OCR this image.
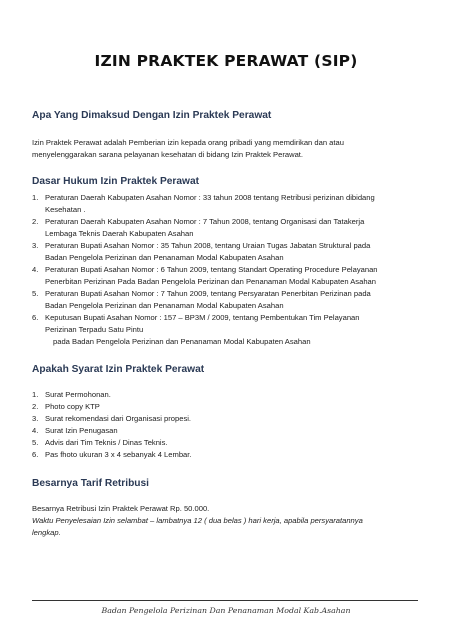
IZIN PRAKTEK PERAWAT (SIP)
Apa Yang Dimaksud Dengan Izin Praktek Perawat
Izin Praktek Perawat adalah Pemberian izin kepada orang pribadi yang memdirikan dan atau
menyelenggarakan sarana pelayanan kesehatan di bidang Izin Praktek Perawat.
Dasar Hukum Izin Praktek Perawat
1. Peraturan Daerah Kabupaten Asahan Nomor : 33 tahun 2008 tentang Retribusi perizinan dibidang
Kesehatan .
2. Peraturan Daerah Kabupaten Asahan Nomor : 7 Tahun 2008, tentang Organisasi dan Tatakerja
Lembaga Teknis Daerah Kabupaten Asahan
3. Peraturan Bupati Asahan Nomor : 35 Tahun 2008, tentang Uraian Tugas Jabatan Struktural pada
Badan Pengelola Perizinan dan Penanaman Modal Kabupaten Asahan
4. Peraturan Bupati Asahan Nomor : 6 Tahun 2009, tentang Standart Operating Procedure Pelayanan
Penerbitan Perizinan Pada Badan Pengelola Perizinan dan Penanaman Modal Kabupaten Asahan
5. Peraturan Bupati Asahan Nomor : 7 Tahun 2009, tentang Persyaratan Penerbitan Perizinan pada
Badan Pengelola Perizinan dan Penanaman Modal Kabupaten Asahan
6. Keputusan Bupati Asahan Nomor : 157 – BP3M / 2009, tentang Pembentukan Tim Pelayanan
Perizinan Terpadu Satu Pintu
pada Badan Pengelola Perizinan dan Penanaman Modal Kabupaten Asahan
Apakah Syarat Izin Praktek Perawat
1. Surat Permohonan.
2. Photo copy KTP
3. Surat rekomendasi dari Organisasi propesi.
4. Surat Izin Penugasan
5. Advis dari Tim Teknis / Dinas Teknis.
6. Pas fhoto ukuran 3 x 4 sebanyak 4 Lembar.
Besarnya Tarif Retribusi
Besarnya Retribusi Izin Praktek Perawat Rp. 50.000.
Waktu Penyelesaian Izin selambat – lambatnya 12 ( dua belas ) hari kerja, apabila persyaratannya
lengkap.
Badan Pengelola Perizinan Dan Penanaman Modal Kab.Asahan
